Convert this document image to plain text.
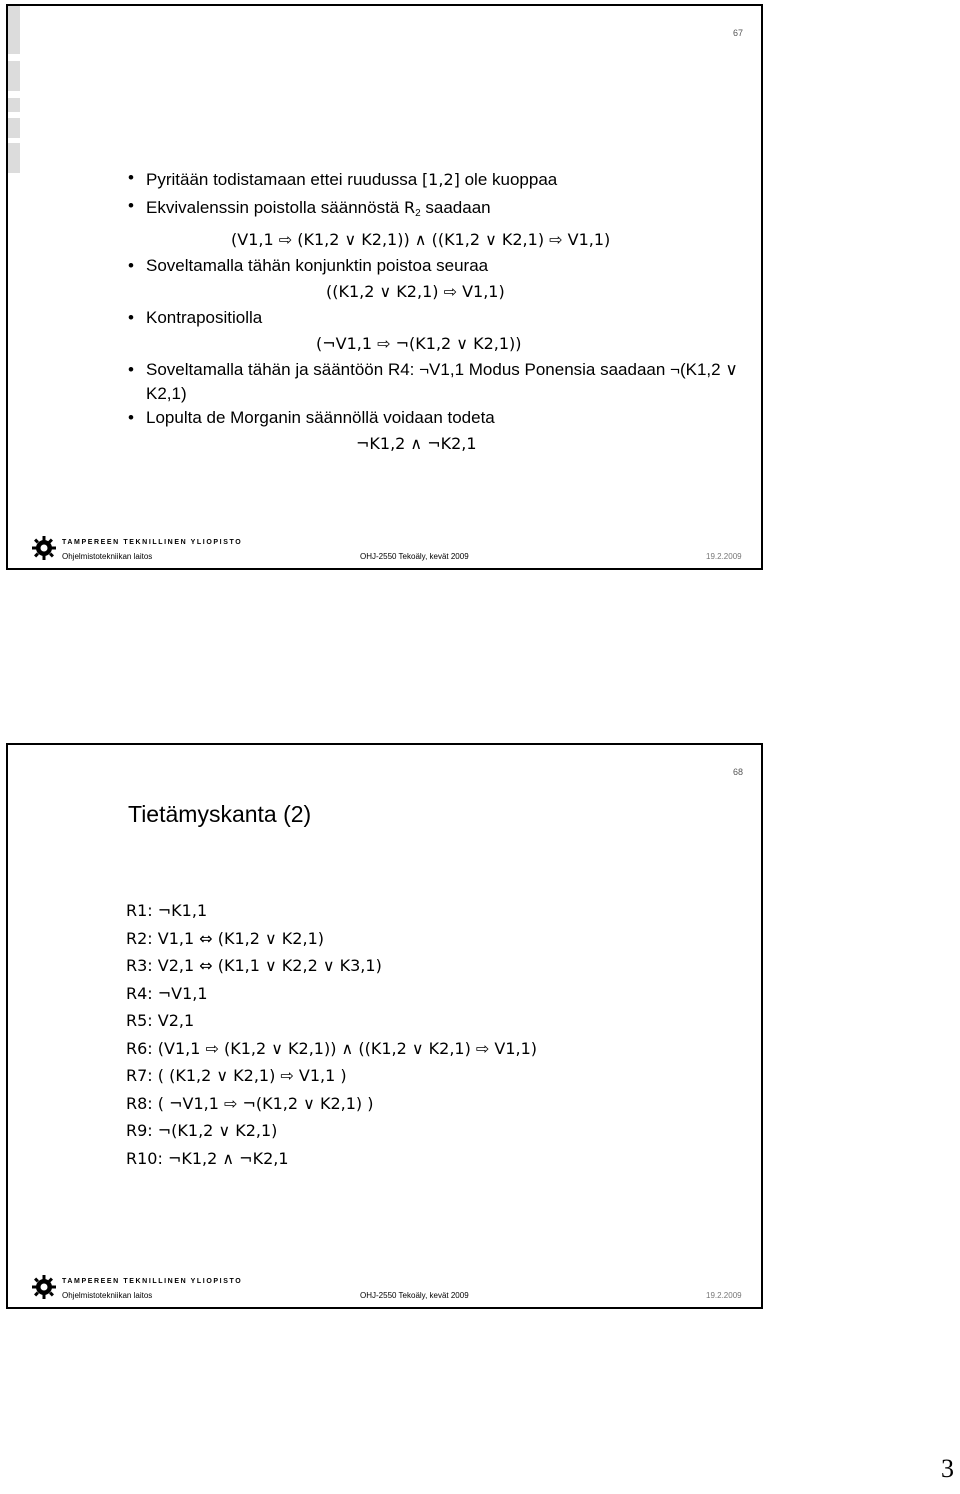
67

• Pyritään todistamaan ettei ruudussa [1,2] ole kuoppaa

• Ekvivalenssin poistolla säännöstä $R_2$ saadaan

(V1,1 ⇨ (K1,2 ∨ K2,1)) ∧ ((K1,2 ∨ K2,1) ⇨ V1,1)

• Soveltamalla tähän konjunktin poistoa seuraa

((K1,2 ∨ K2,1) ⇨ V1,1)

• Kontrapositiolla

(¬V1,1 ⇨ ¬(K1,2 ∨ K2,1))

• Soveltamalla tähän ja sääntöön R4: ¬V1,1 Modus Ponensia saadaan ¬(K1,2 ∨ K2,1)

• Lopulta de Morganin säännöllä voidaan todeta

¬K1,2 ∧ ¬K2,1
TAMPEREEN TEKNILLINEN YLIOPISTO
Ohjelmistotekniikan laitos	OHJ-2550 Tekoäly, kevät 2009	19.2.2009
68
Tietämyskanta (2)
R1: ¬K1,1
R2: V1,1 ⇔ (K1,2 ∨ K2,1)
R3: V2,1 ⇔ (K1,1 ∨ K2,2 ∨ K3,1)
R4: ¬V1,1
R5: V2,1
R6: (V1,1 ⇨ (K1,2 ∨ K2,1)) ∧ ((K1,2 ∨ K2,1) ⇨ V1,1)
R7: ( (K1,2 ∨ K2,1) ⇨ V1,1 )
R8: ( ¬V1,1 ⇨ ¬(K1,2 ∨ K2,1) )
R9: ¬(K1,2 ∨ K2,1)
R10: ¬K1,2 ∧ ¬K2,1
TAMPEREEN TEKNILLINEN YLIOPISTO
Ohjelmistotekniikan laitos	OHJ-2550 Tekoäly, kevät 2009	19.2.2009
3
